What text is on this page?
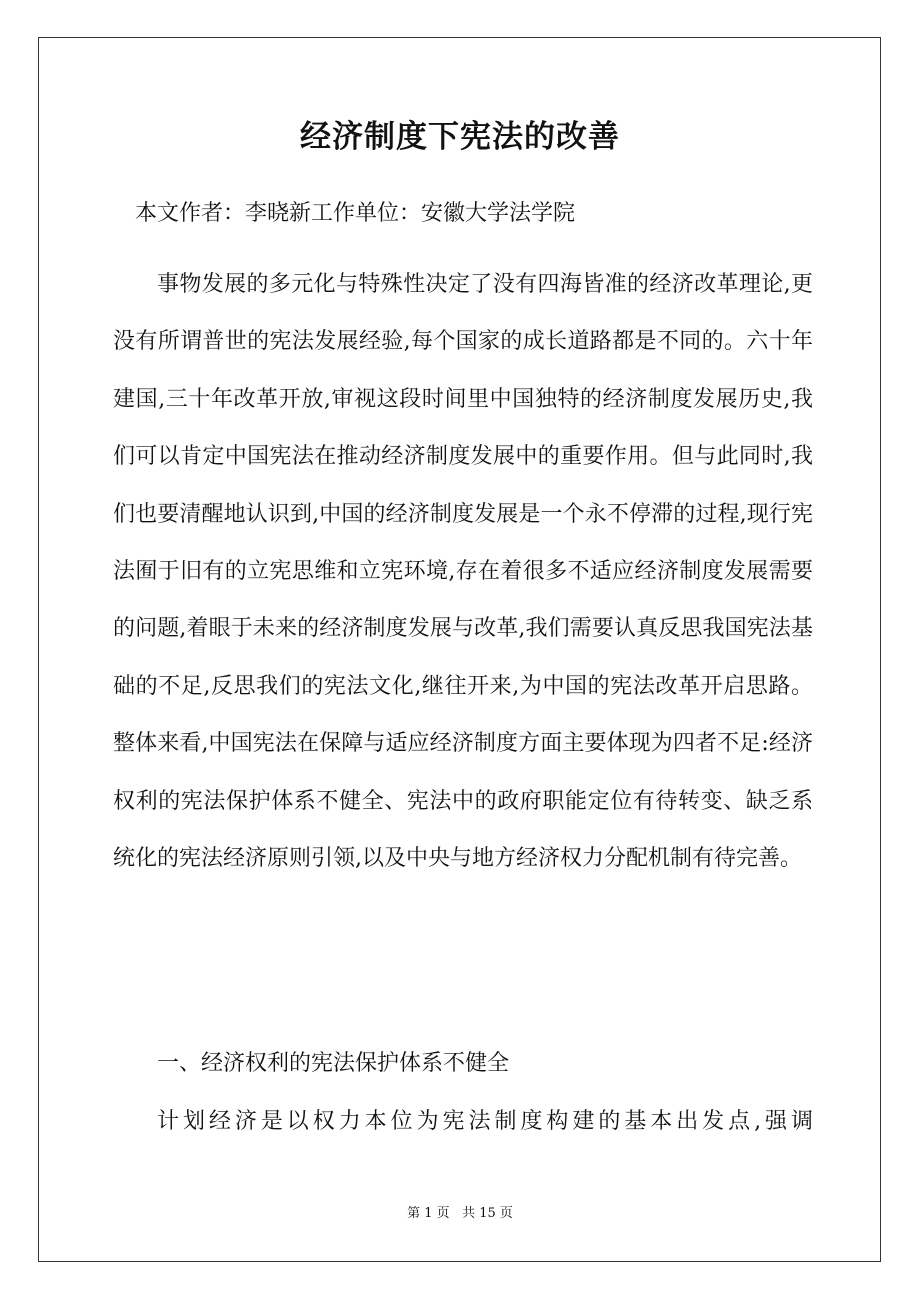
经济制度下宪法的改善
本文作者：李晓新工作单位：安徽大学法学院

事物发展的多元化与特殊性决定了没有四海皆准的经济改革理论,更没有所谓普世的宪法发展经验,每个国家的成长道路都是不同的。六十年建国,三十年改革开放,审视这段时间里中国独特的经济制度发展历史,我们可以肯定中国宪法在推动经济制度发展中的重要作用。但与此同时,我们也要清醒地认识到,中国的经济制度发展是一个永不停滞的过程,现行宪法囿于旧有的立宪思维和立宪环境,存在着很多不适应经济制度发展需要的问题,着眼于未来的经济制度发展与改革,我们需要认真反思我国宪法基础的不足,反思我们的宪法文化,继往开来,为中国的宪法改革开启思路。整体来看,中国宪法在保障与适应经济制度方面主要体现为四者不足:经济权利的宪法保护体系不健全、宪法中的政府职能定位有待转变、缺乏系统化的宪法经济原则引领,以及中央与地方经济权力分配机制有待完善。

一、经济权利的宪法保护体系不健全

计划经济是以权力本位为宪法制度构建的基本出发点,强调

第 1 页   共 15 页
